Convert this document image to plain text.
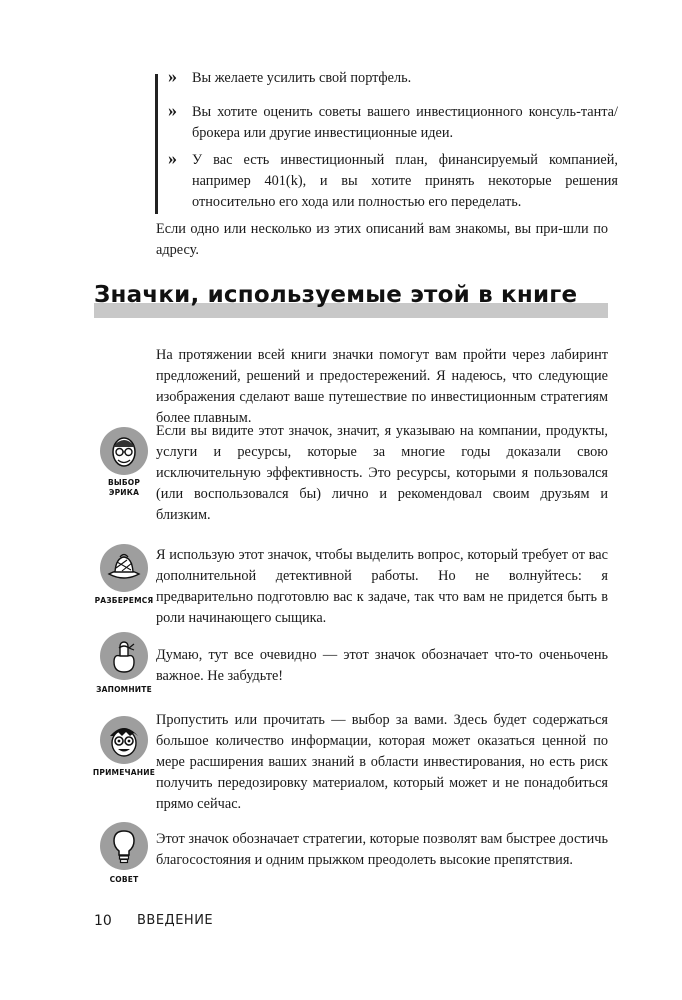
»	Вы желаете усилить свой портфель.
»	Вы хотите оценить советы вашего инвестиционного консуль-танта/брокера или другие инвестиционные идеи.
»	У вас есть инвестиционный план, финансируемый компанией, например 401(k), и вы хотите принять некоторые решения относительно его хода или полностью его переделать.
Если одно или несколько из этих описаний вам знакомы, вы при-шли по адресу.
Значки, используемые этой в книге
На протяжении всей книги значки помогут вам пройти через лабиринт предложений, решений и предостережений. Я надеюсь, что следующие изображения сделают ваше путешествие по инвестиционным стратегиям более плавным.
ВЫБОР
ЭРИКА
Если вы видите этот значок, значит, я указываю на компании, продукты, услуги и ресурсы, которые за многие годы доказали свою исключительную эффективность. Это ресурсы, которыми я пользовался (или воспользовался бы) лично и рекомендовал своим друзьям и близким.
РАЗБЕРЕМСЯ
Я использую этот значок, чтобы выделить вопрос, который требует от вас дополнительной детективной работы. Но не волнуйтесь: я предварительно подготовлю вас к задаче, так что вам не придется быть в роли начинающего сыщика.
ЗАПОМНИТЕ
Думаю, тут все очевидно — этот значок обозначает что-то оченьочень важное. Не забудьте!
ПРИМЕЧАНИЕ
Пропустить или прочитать — выбор за вами. Здесь будет содержаться большое количество информации, которая может оказаться ценной по мере расширения ваших знаний в области инвестирования, но есть риск получить передозировку материалом, который может и не понадобиться прямо сейчас.
СОВЕТ
Этот значок обозначает стратегии, которые позволят вам быстрее достичь благосостояния и одним прыжком преодолеть высокие препятствия.
10 ВВЕДЕНИЕ
